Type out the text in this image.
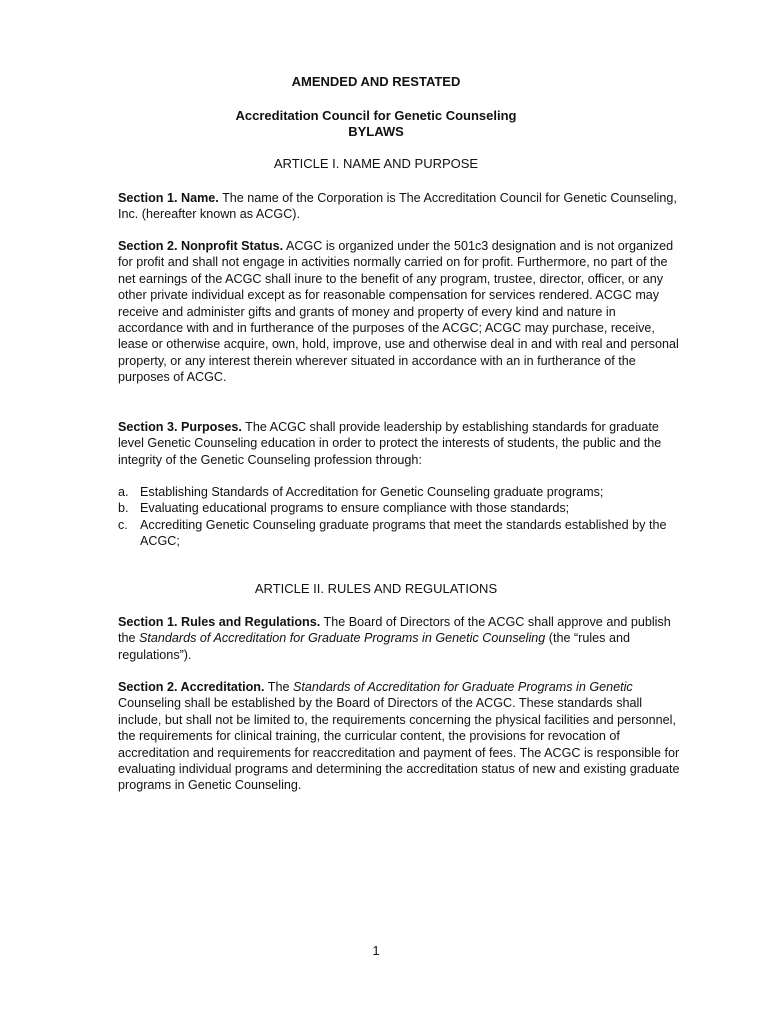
AMENDED AND RESTATED
Accreditation Council for Genetic Counseling
BYLAWS
ARTICLE I. NAME AND PURPOSE

Section 1. Name. The name of the Corporation is The Accreditation Council for Genetic Counseling, Inc. (hereafter known as ACGC).

Section 2. Nonprofit Status. ACGC is organized under the 501c3 designation and is not organized for profit and shall not engage in activities normally carried on for profit. Furthermore, no part of the net earnings of the ACGC shall inure to the benefit of any program, trustee, director, officer, or any other private individual except as for reasonable compensation for services rendered. ACGC may receive and administer gifts and grants of money and property of every kind and nature in accordance with and in furtherance of the purposes of the ACGC; ACGC may purchase, receive, lease or otherwise acquire, own, hold, improve, use and otherwise deal in and with real and personal property, or any interest therein wherever situated in accordance with an in furtherance of the purposes of ACGC.

Section 3. Purposes. The ACGC shall provide leadership by establishing standards for graduate level Genetic Counseling education in order to protect the interests of students, the public and the integrity of the Genetic Counseling profession through:

a. Establishing Standards of Accreditation for Genetic Counseling graduate programs;
b. Evaluating educational programs to ensure compliance with those standards;
c. Accrediting Genetic Counseling graduate programs that meet the standards established by the ACGC;
ARTICLE II. RULES AND REGULATIONS

Section 1. Rules and Regulations. The Board of Directors of the ACGC shall approve and publish the Standards of Accreditation for Graduate Programs in Genetic Counseling (the “rules and regulations”).

Section 2. Accreditation. The Standards of Accreditation for Graduate Programs in Genetic Counseling shall be established by the Board of Directors of the ACGC. These standards shall include, but shall not be limited to, the requirements concerning the physical facilities and personnel, the requirements for clinical training, the curricular content, the provisions for revocation of accreditation and requirements for reaccreditation and payment of fees. The ACGC is responsible for evaluating individual programs and determining the accreditation status of new and existing graduate programs in Genetic Counseling.

1
